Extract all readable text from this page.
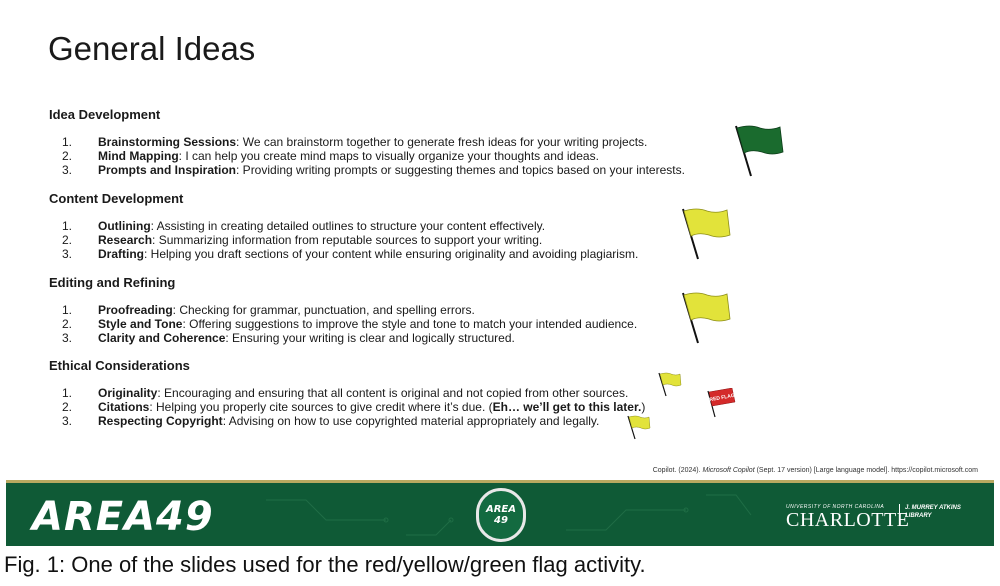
General Ideas
Idea Development
1. Brainstorming Sessions: We can brainstorm together to generate fresh ideas for your writing projects.
2. Mind Mapping: I can help you create mind maps to visually organize your thoughts and ideas.
3. Prompts and Inspiration: Providing writing prompts or suggesting themes and topics based on your interests.
Content Development
1. Outlining: Assisting in creating detailed outlines to structure your content effectively.
2. Research: Summarizing information from reputable sources to support your writing.
3. Drafting: Helping you draft sections of your content while ensuring originality and avoiding plagiarism.
Editing and Refining
1. Proofreading: Checking for grammar, punctuation, and spelling errors.
2. Style and Tone: Offering suggestions to improve the style and tone to match your intended audience.
3. Clarity and Coherence: Ensuring your writing is clear and logically structured.
Ethical Considerations
1. Originality: Encouraging and ensuring that all content is original and not copied from other sources.
2. Citations: Helping you properly cite sources to give credit where it’s due. (Eh… we’ll get to this later.)
3. Respecting Copyright: Advising on how to use copyrighted material appropriately and legally.
RED FLAG
Copilot. (2024). Microsoft Copilot (Sept. 17 version) [Large language model]. https://copilot.microsoft.com
AREA49	AREA
49
UNIVERSITY OF NORTH CAROLINA
CHARLOTTE
J. MURREY ATKINS
LIBRARY
Fig. 1: One of the slides used for the red/yellow/green flag activity.
